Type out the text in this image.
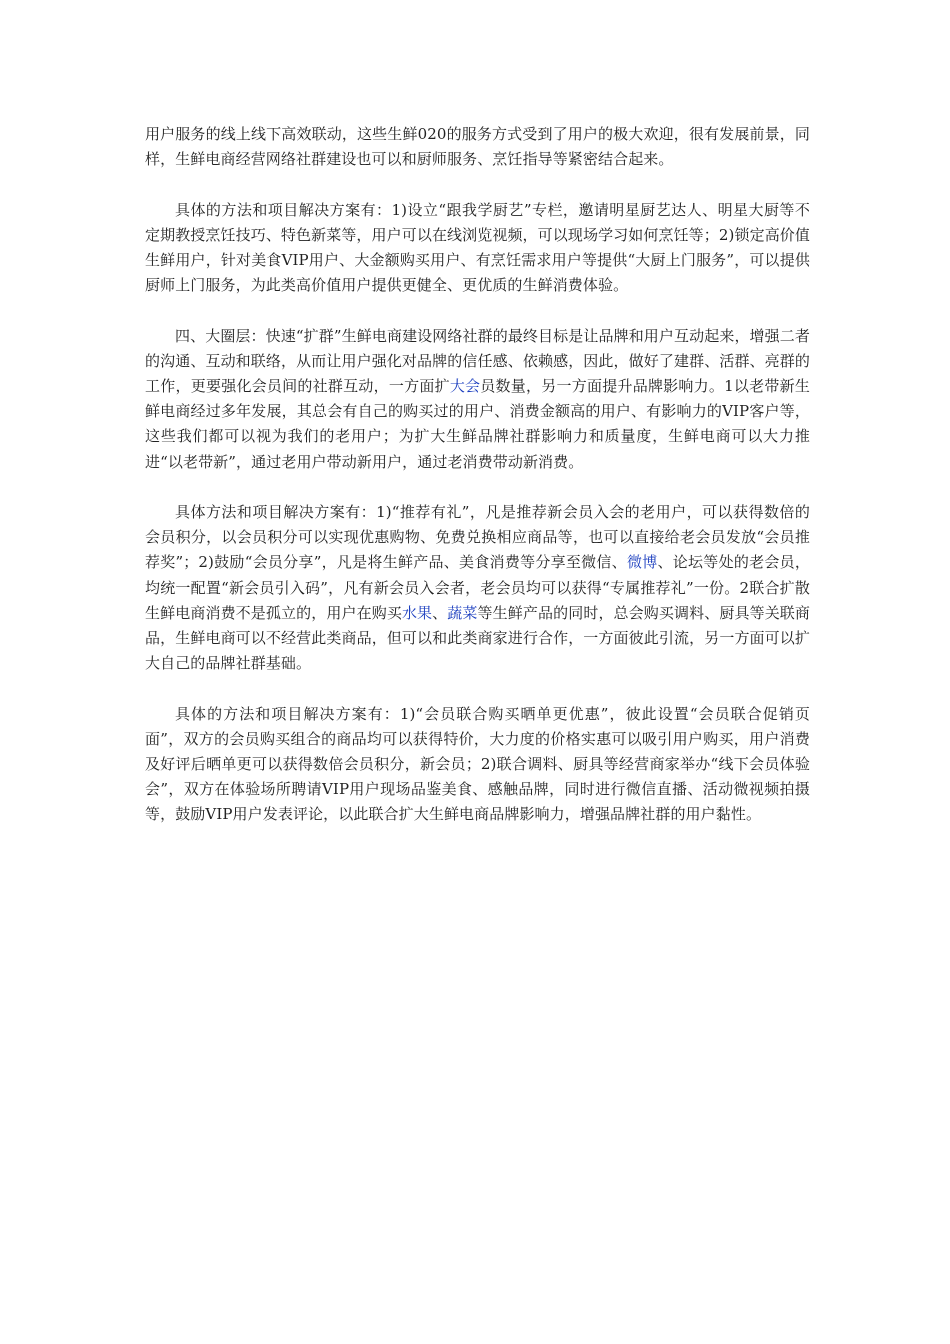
用户服务的线上线下高效联动，这些生鲜020的服务方式受到了用户的极大欢迎，很有发展前景，同样，生鲜电商经营网络社群建设也可以和厨师服务、烹饪指导等紧密结合起来。

具体的方法和项目解决方案有：1)设立“跟我学厨艺”专栏，邀请明星厨艺达人、明星大厨等不定期教授烹饪技巧、特色新菜等，用户可以在线浏览视频，可以现场学习如何烹饪等；2)锁定高价值生鲜用户，针对美食VIP用户、大金额购买用户、有烹饪需求用户等提供“大厨上门服务”，可以提供厨师上门服务，为此类高价值用户提供更健全、更优质的生鲜消费体验。

四、大圈层：快速“扩群”生鲜电商建设网络社群的最终目标是让品牌和用户互动起来，增强二者的沟通、互动和联络，从而让用户强化对品牌的信任感、依赖感，因此，做好了建群、活群、亮群的工作，更要强化会员间的社群互动，一方面扩大会员数量，另一方面提升品牌影响力。1以老带新生鲜电商经过多年发展，其总会有自己的购买过的用户、消费金额高的用户、有影响力的VIP客户等，这些我们都可以视为我们的老用户；为扩大生鲜品牌社群影响力和质量度，生鲜电商可以大力推进“以老带新”，通过老用户带动新用户，通过老消费带动新消费。

具体方法和项目解决方案有：1)“推荐有礼”，凡是推荐新会员入会的老用户，可以获得数倍的会员积分，以会员积分可以实现优惠购物、免费兑换相应商品等，也可以直接给老会员发放“会员推荐奖”；2)鼓励“会员分享”，凡是将生鲜产品、美食消费等分享至微信、微博、论坛等处的老会员，均统一配置“新会员引入码”，凡有新会员入会者，老会员均可以获得“专属推荐礼”一份。2联合扩散生鲜电商消费不是孤立的，用户在购买水果、蔬菜等生鲜产品的同时，总会购买调料、厨具等关联商品，生鲜电商可以不经营此类商品，但可以和此类商家进行合作，一方面彼此引流，另一方面可以扩大自己的品牌社群基础。

具体的方法和项目解决方案有：1)“会员联合购买晒单更优惠”，彼此设置“会员联合促销页面”，双方的会员购买组合的商品均可以获得特价，大力度的价格实惠可以吸引用户购买，用户消费及好评后晒单更可以获得数倍会员积分，新会员；2)联合调料、厨具等经营商家举办“线下会员体验会”，双方在体验场所聘请VIP用户现场品鉴美食、感触品牌，同时进行微信直播、活动微视频拍摄等，鼓励VIP用户发表评论，以此联合扩大生鲜电商品牌影响力，增强品牌社群的用户黏性。
